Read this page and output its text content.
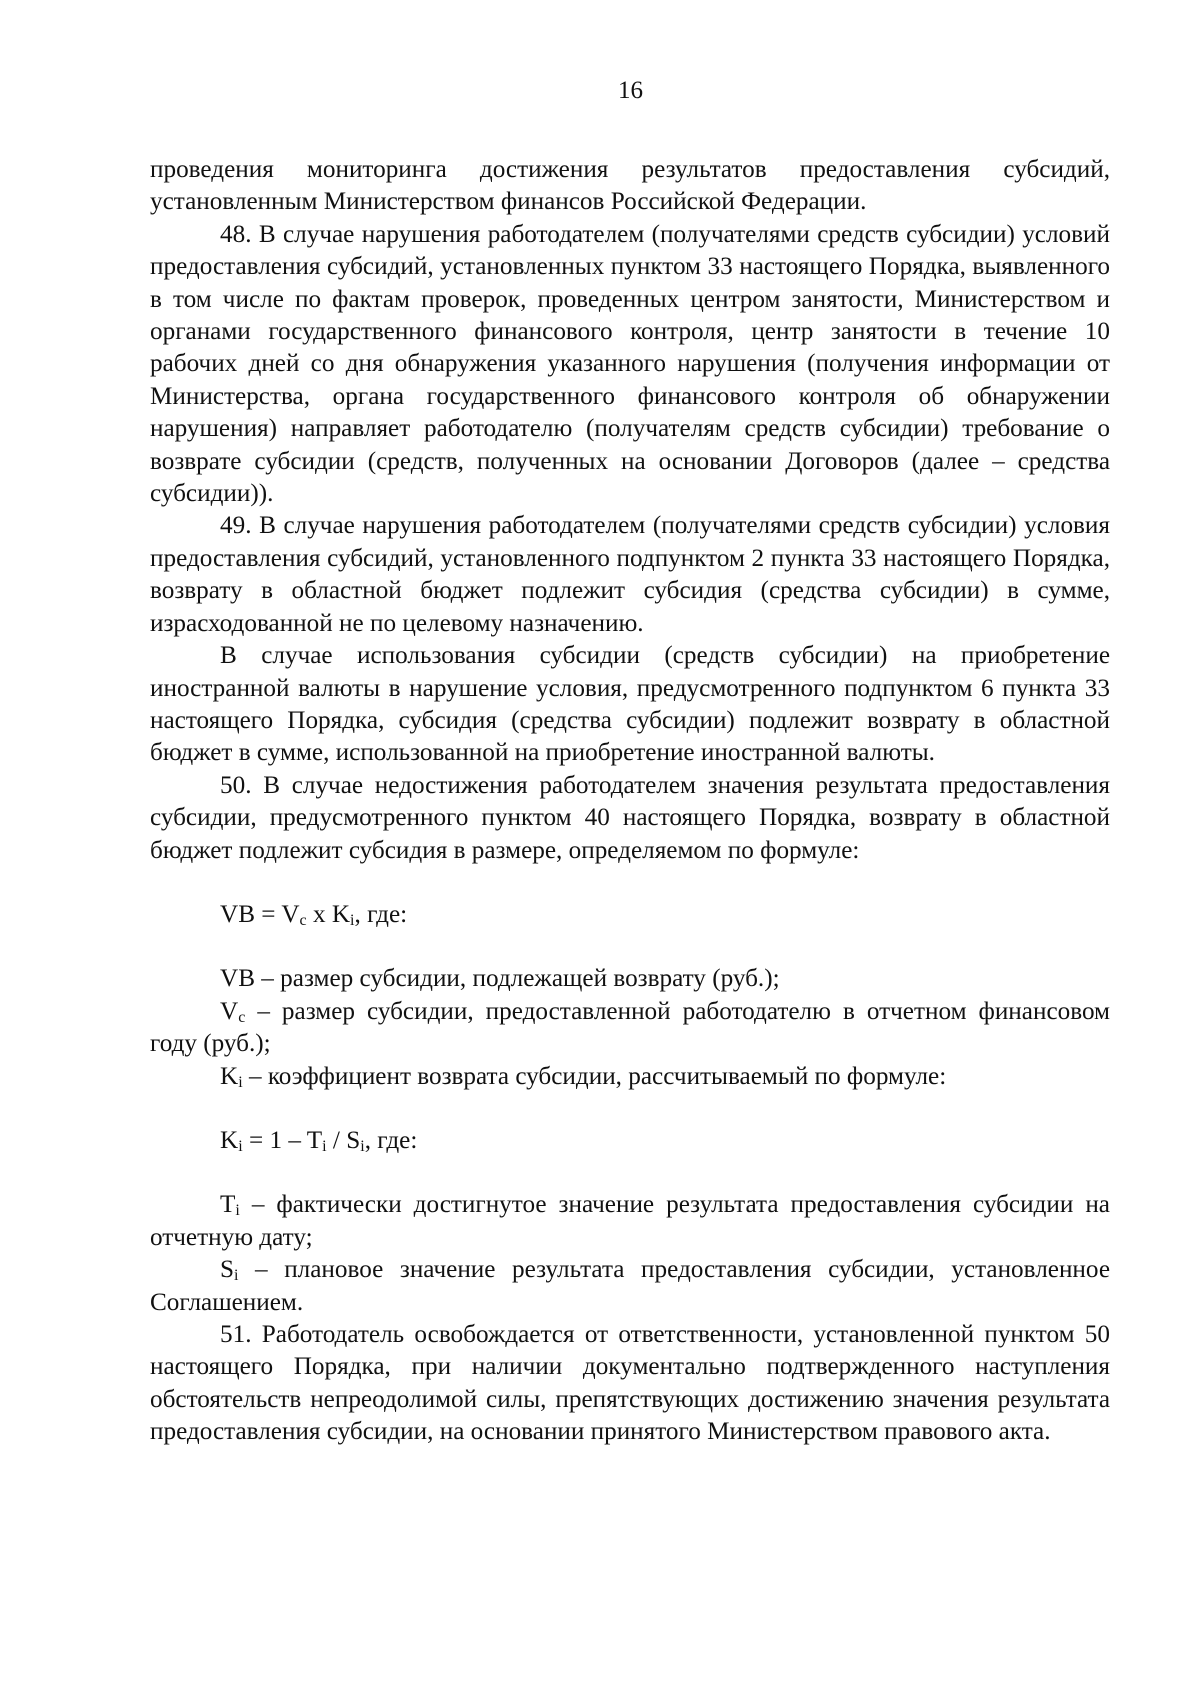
16

проведения мониторинга достижения результатов предоставления субсидий, установленным Министерством финансов Российской Федерации.

48. В случае нарушения работодателем (получателями средств субсидии) условий предоставления субсидий, установленных пунктом 33 настоящего Порядка, выявленного в том числе по фактам проверок, проведенных центром занятости, Министерством и органами государственного финансового контроля, центр занятости в течение 10 рабочих дней со дня обнаружения указанного нарушения (получения информации от Министерства, органа государственного финансового контроля об обнаружении нарушения) направляет работодателю (получателям средств субсидии) требование о возврате субсидии (средств, полученных на основании Договоров (далее – средства субсидии)).

49. В случае нарушения работодателем (получателями средств субсидии) условия предоставления субсидий, установленного подпунктом 2 пункта 33 настоящего Порядка, возврату в областной бюджет подлежит субсидия (средства субсидии) в сумме, израсходованной не по целевому назначению.

В случае использования субсидии (средств субсидии) на приобретение иностранной валюты в нарушение условия, предусмотренного подпунктом 6 пункта 33 настоящего Порядка, субсидия (средства субсидии) подлежит возврату в областной бюджет в сумме, использованной на приобретение иностранной валюты.

50. В случае недостижения работодателем значения результата предоставления субсидии, предусмотренного пунктом 40 настоящего Порядка, возврату в областной бюджет подлежит субсидия в размере, определяемом по формуле:

VB = $V_c$ x $K_i$, где:

VB – размер субсидии, подлежащей возврату (руб.);

$V_c$ – размер субсидии, предоставленной работодателю в отчетном финансовом году (руб.);

$K_i$ – коэффициент возврата субсидии, рассчитываемый по формуле:

$K_i = 1 - T_i / S_i$, где:

$T_i$ – фактически достигнутое значение результата предоставления субсидии на отчетную дату;

$S_i$ – плановое значение результата предоставления субсидии, установленное Соглашением.

51. Работодатель освобождается от ответственности, установленной пунктом 50 настоящего Порядка, при наличии документально подтвержденного наступления обстоятельств непреодолимой силы, препятствующих достижению значения результата предоставления субсидии, на основании принятого Министерством правового акта.
